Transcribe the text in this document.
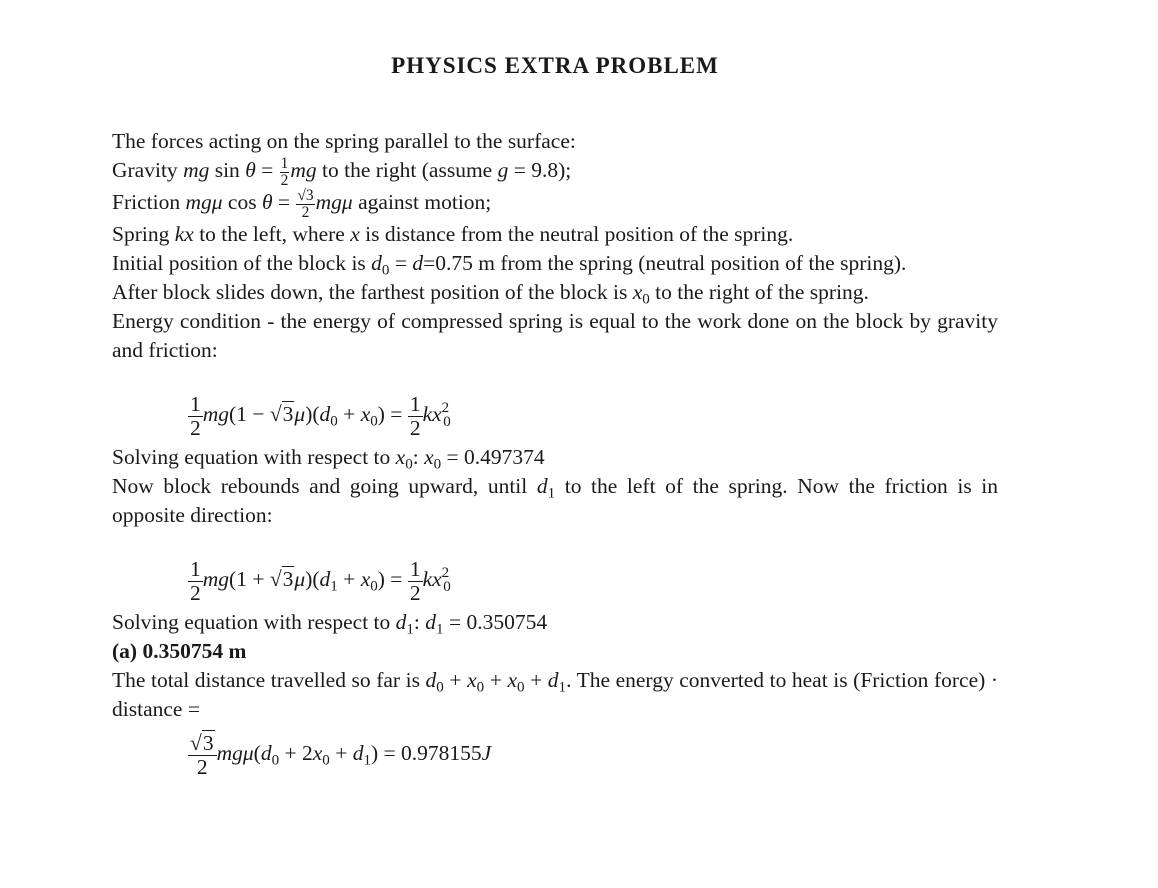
PHYSICS EXTRA PROBLEM

The forces acting on the spring parallel to the surface:

Gravity mg $\sin \theta = \frac{1}{2}$ mg to the right (assume g = 9.8);

Friction mgμ $\cos \theta = \frac{√3}{2}$ mgμ against motion;

Spring kx to the left, where x is distance from the neutral position of the spring.

Initial position of the block is $d_0 = d=0.75$ m from the spring (neutral position of the spring).

After block slides down, the farthest position of the block is $x_0$ to the right of the spring.

Energy condition - the energy of compressed spring is equal to the work done on the block by gravity and friction:

$\frac{1}{2} mg(1 - √3\mu)(d_0 + x_0) = \frac{1}{2} kx^2_0$

Solving equation with respect to $x_0$: $x_0 = 0.497374$

Now block rebounds and going upward, until $d_1$ to the left of the spring. Now the friction is in opposite direction:

$\frac{1}{2} mg(1 + √3\mu)(d_1 + x_0) = \frac{1}{2} kx^2_0$

Solving equation with respect to $d_1$: $d_1 = 0.350754$

(a) 0.350754 m

The total distance travelled so far is $d_0 + x_0 + x_0 + d_1$. The energy converted to heat is (Friction force) · distance =

$\frac{√3}{2} mg\mu(d_0 + 2x_0 + d_1) = 0.978155J$
